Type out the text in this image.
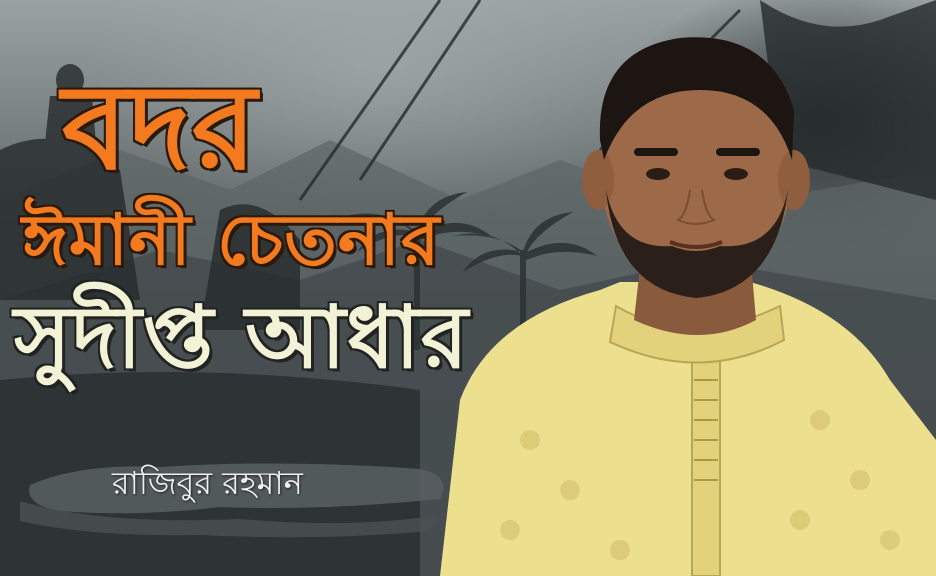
বদর
ঈমানী চেতনার
সুদীপ্ত আধার
রাজিবুর রহমান
